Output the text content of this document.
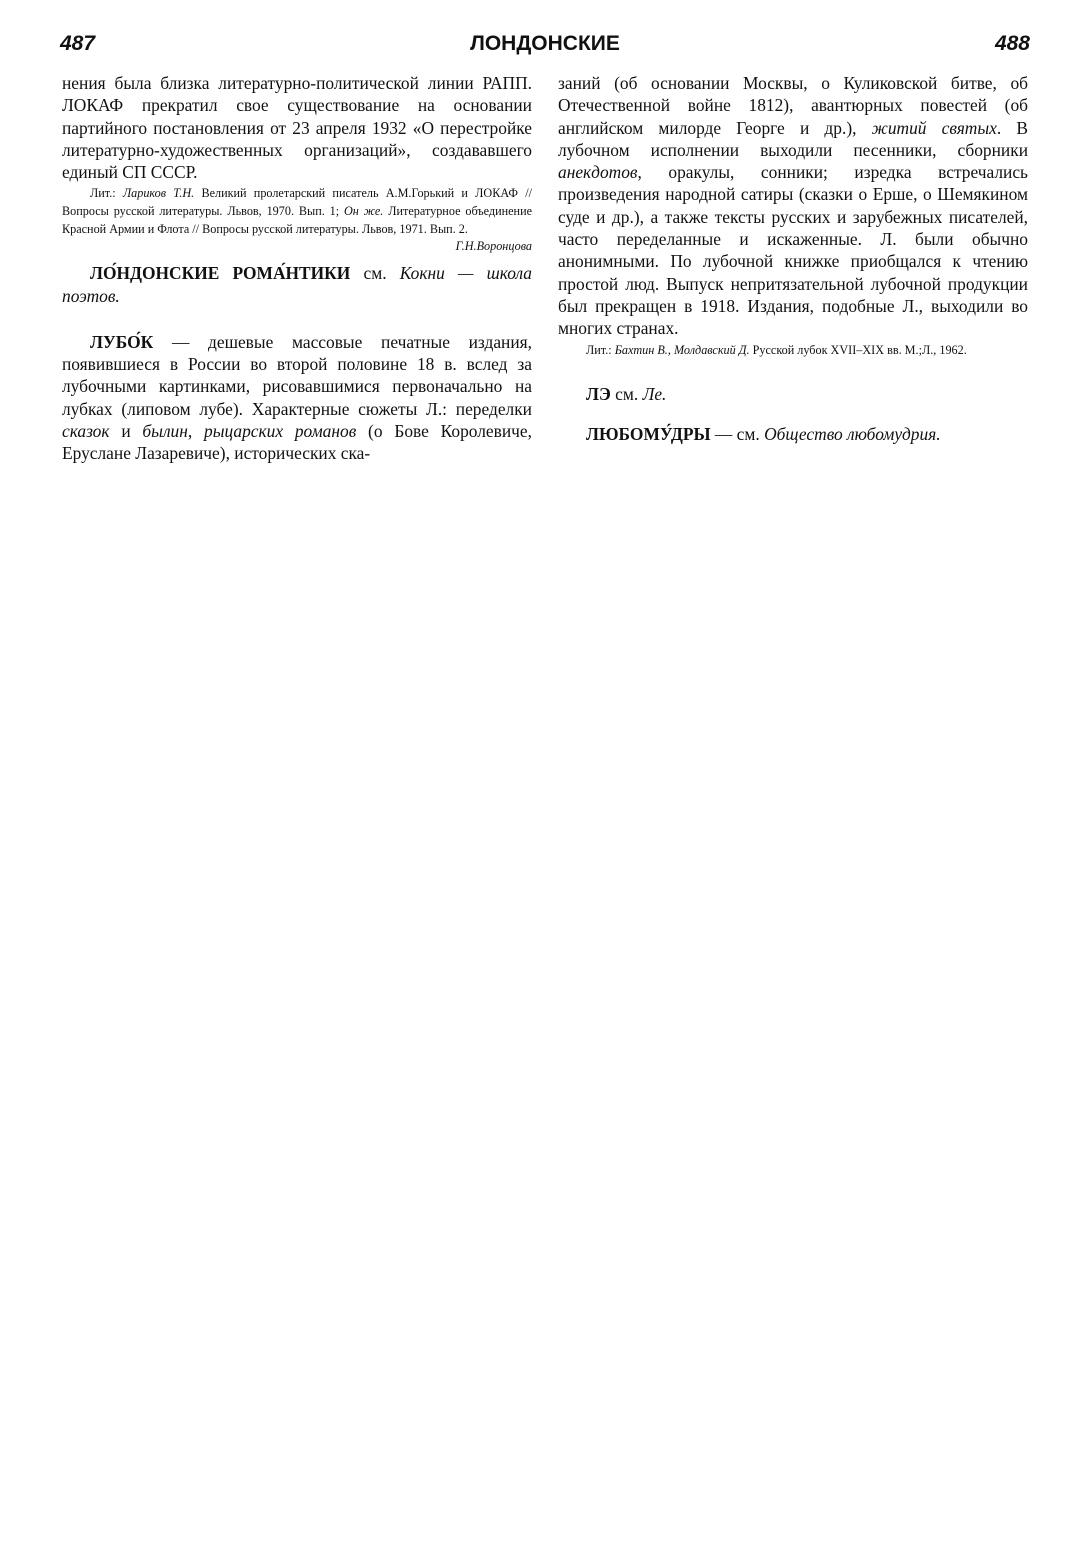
487	ЛОНДОНСКИЕ	488

нения была близка литературно-политической линии РАПП. ЛОКАФ прекратил свое существование на основании партийного постановления от 23 апреля 1932 «О перестройке литературно-художественных организаций», создававшего единый СП СССР.

Лит.: Лариков Т.Н. Великий пролетарский писатель А.М.Горький и ЛОКАФ // Вопросы русской литературы. Львов, 1970. Вып. 1; Он же. Литературное объединение Красной Армии и Флота // Вопросы русской литературы. Львов, 1971. Вып. 2.
Г.Н.Воронцова

ЛО́НДОНСКИЕ РОМА́НТИКИ см. Кокни — школа поэтов.

ЛУБО́К — дешевые массовые печатные издания, появившиеся в России во второй половине 18 в. вслед за лубочными картинками, рисовавшимися первоначально на лубках (липовом лубе). Характерные сюжеты Л.: переделки сказок и былин, рыцарских романов (о Бове Королевиче, Еруслане Лазаревиче), исторических ска-

заний (об основании Москвы, о Куликовской битве, об Отечественной войне 1812), авантюрных повестей (об английском милорде Георге и др.), житий святых. В лубочном исполнении выходили песенники, сборники анекдотов, оракулы, сонники; изредка встречались произведения народной сатиры (сказки о Ерше, о Шемякином суде и др.), а также тексты русских и зарубежных писателей, часто переделанные и искаженные. Л. были обычно анонимными. По лубочной книжке приобщался к чтению простой люд. Выпуск непритязательной лубочной продукции был прекращен в 1918. Издания, подобные Л., выходили во многих странах.

Лит.: Бахтин В., Молдавский Д. Русской лубок XVII–XIX вв. М.;Л., 1962.

ЛЭ см. Ле.

ЛЮБОМУ́ДРЫ — см. Общество любомудрия.
